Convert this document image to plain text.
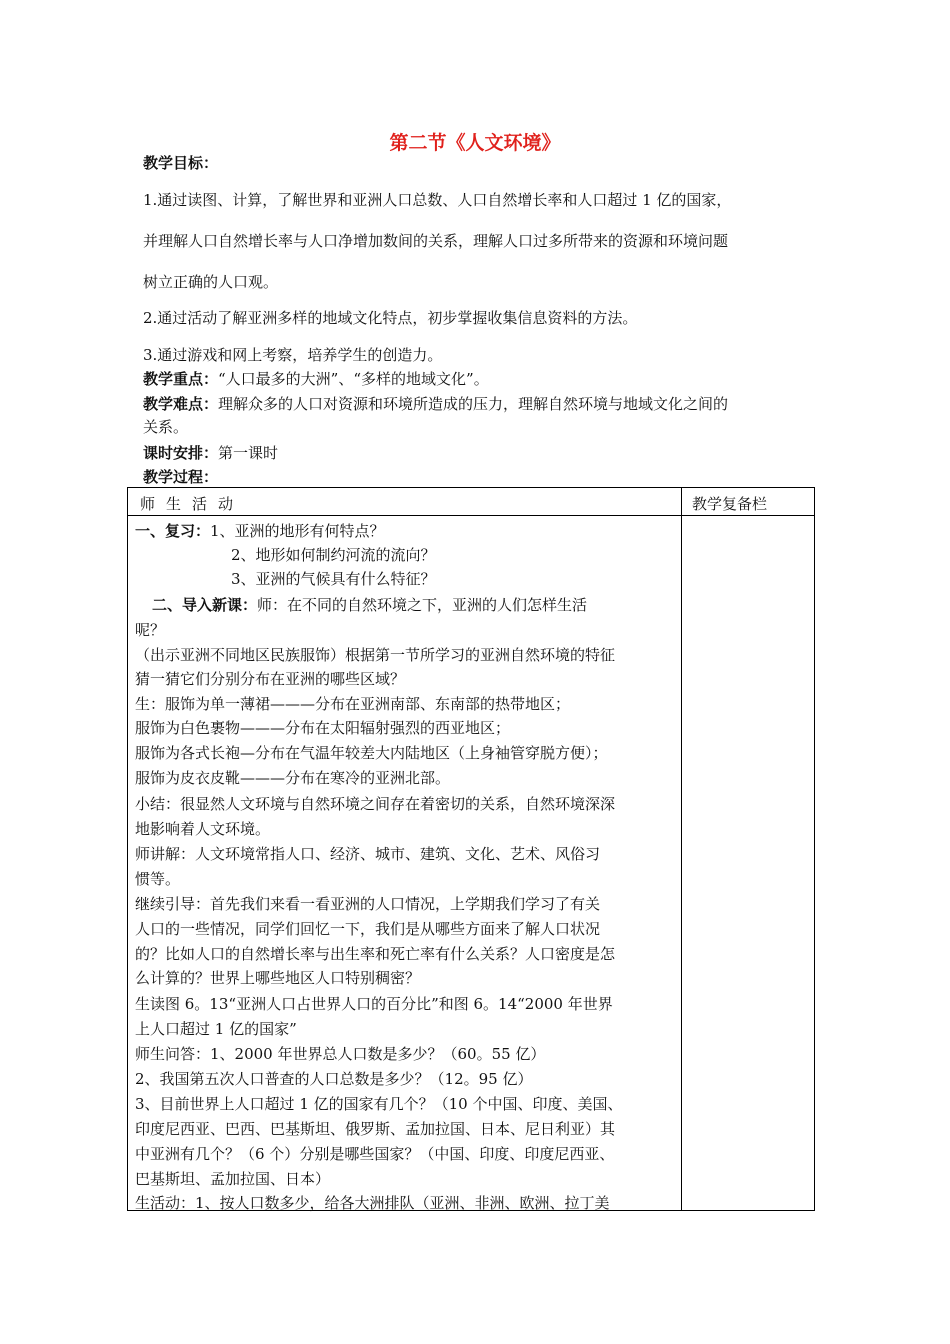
第二节《人文环境》
教学目标：
1.通过读图、计算，了解世界和亚洲人口总数、人口自然增长率和人口超过 1 亿的国家，
并理解人口自然增长率与人口净增加数间的关系，理解人口过多所带来的资源和环境问题
树立正确的人口观。
2.通过活动了解亚洲多样的地域文化特点，初步掌握收集信息资料的方法。
3.通过游戏和网上考察，培养学生的创造力。
教学重点：“人口最多的大洲”、“多样的地域文化”。
教学难点：理解众多的人口对资源和环境所造成的压力，理解自然环境与地域文化之间的
关系。
课时安排：第一课时
教学过程：
师生活动	教学复备栏
一、复习：1、亚洲的地形有何特点？
2、地形如何制约河流的流向？
3、亚洲的气候具有什么特征？
二、导入新课：师：在不同的自然环境之下，亚洲的人们怎样生活
呢？
（出示亚洲不同地区民族服饰）根据第一节所学习的亚洲自然环境的特征
猜一猜它们分别分布在亚洲的哪些区域？
生：服饰为单一薄裙———分布在亚洲南部、东南部的热带地区；
服饰为白色裹物———分布在太阳辐射强烈的西亚地区；
服饰为各式长袍—分布在气温年较差大内陆地区（上身袖管穿脱方便）；
服饰为皮衣皮靴———分布在寒冷的亚洲北部。
小结：很显然人文环境与自然环境之间存在着密切的关系，自然环境深深
地影响着人文环境。
师讲解：人文环境常指人口、经济、城市、建筑、文化、艺术、风俗习
惯等。
继续引导：首先我们来看一看亚洲的人口情况，上学期我们学习了有关
人口的一些情况，同学们回忆一下，我们是从哪些方面来了解人口状况
的？比如人口的自然增长率与出生率和死亡率有什么关系？人口密度是怎
么计算的？世界上哪些地区人口特别稠密？
生读图 6。13“亚洲人口占世界人口的百分比”和图 6。14“2000 年世界
上人口超过 1 亿的国家”
师生问答：1、2000 年世界总人口数是多少？（60。55 亿）
2、我国第五次人口普查的人口总数是多少？（12。95 亿）
3、目前世界上人口超过 1 亿的国家有几个？（10 个中国、印度、美国、
印度尼西亚、巴西、巴基斯坦、俄罗斯、孟加拉国、日本、尼日利亚）其
中亚洲有几个？（6 个）分别是哪些国家？（中国、印度、印度尼西亚、
巴基斯坦、孟加拉国、日本）
生活动：1、按人口数多少，给各大洲排队（亚洲、非洲、欧洲、拉丁美
